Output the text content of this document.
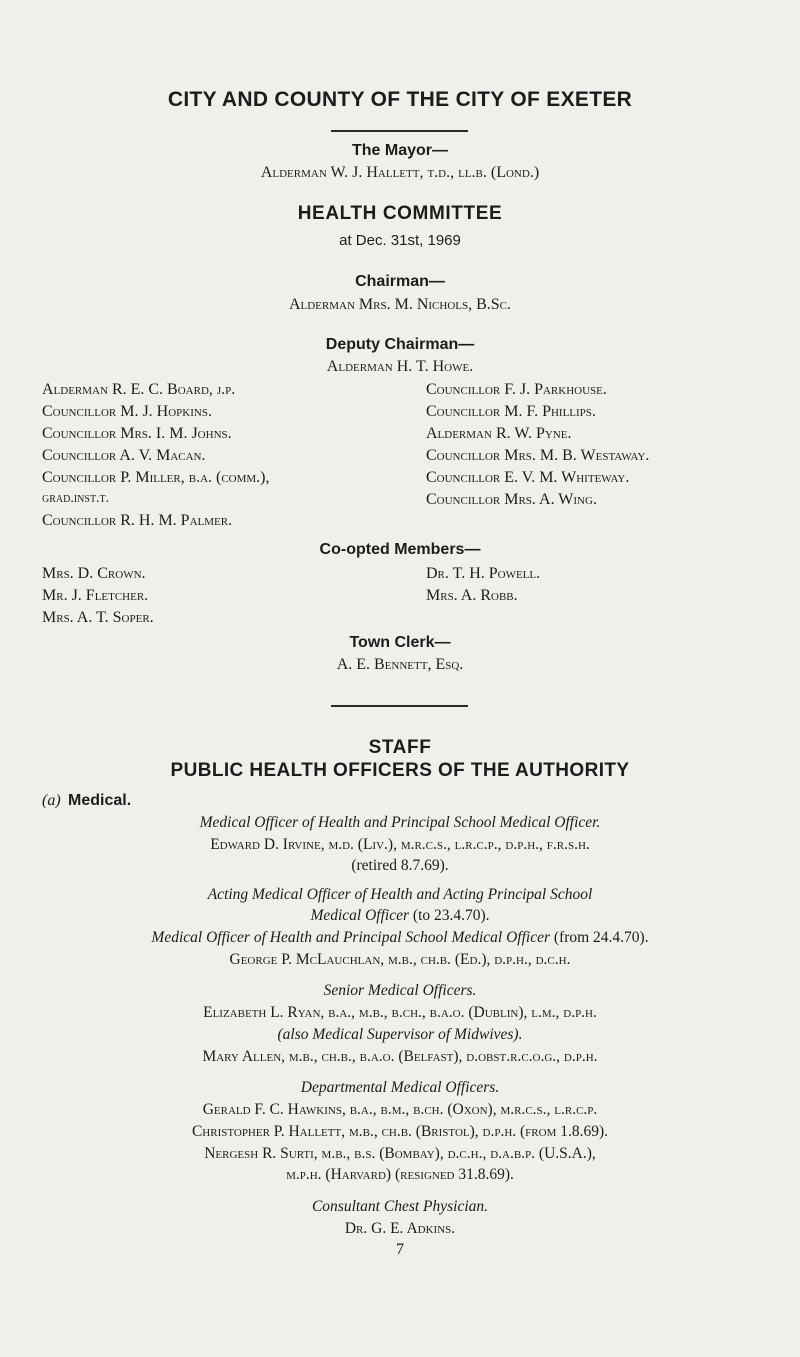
CITY AND COUNTY OF THE CITY OF EXETER
The Mayor—
Alderman W. J. Hallett, t.d., ll.b. (Lond.)
HEALTH COMMITTEE
at Dec. 31st, 1969
Chairman—
Alderman Mrs. M. Nichols, B.Sc.
Deputy Chairman—
Alderman H. T. Howe.
Alderman R. E. C. Board, j.p.
Councillor M. J. Hopkins.
Councillor Mrs. I. M. Johns.
Councillor A. V. Macan.
Councillor P. Miller, b.a. (comm.),
grad.inst.t.
Councillor R. H. M. Palmer.
Councillor F. J. Parkhouse.
Councillor M. F. Phillips.
Alderman R. W. Pyne.
Councillor Mrs. M. B. Westaway.
Councillor E. V. M. Whiteway.
Councillor Mrs. A. Wing.
Co-opted Members—
Mrs. D. Crown.
Mr. J. Fletcher.
Mrs. A. T. Soper.
Dr. T. H. Powell.
Mrs. A. Robb.
Town Clerk—
A. E. Bennett, Esq.
STAFF
PUBLIC HEALTH OFFICERS OF THE AUTHORITY
(a) Medical.
Medical Officer of Health and Principal School Medical Officer.
Edward D. Irvine, m.d. (Liv.), m.r.c.s., l.r.c.p., d.p.h., f.r.s.h.
(retired 8.7.69).
Acting Medical Officer of Health and Acting Principal School
Medical Officer (to 23.4.70).
Medical Officer of Health and Principal School Medical Officer (from 24.4.70).
George P. McLauchlan, m.b., ch.b. (Ed.), d.p.h., d.c.h.
Senior Medical Officers.
Elizabeth L. Ryan, b.a., m.b., b.ch., b.a.o. (Dublin), l.m., d.p.h.
(also Medical Supervisor of Midwives).
Mary Allen, m.b., ch.b., b.a.o. (Belfast), d.obst.r.c.o.g., d.p.h.
Departmental Medical Officers.
Gerald F. C. Hawkins, b.a., b.m., b.ch. (Oxon), m.r.c.s., l.r.c.p.
Christopher P. Hallett, m.b., ch.b. (Bristol), d.p.h. (from 1.8.69).
Nergesh R. Surti, m.b., b.s. (Bombay), d.c.h., d.a.b.p. (U.S.A.),
m.p.h. (Harvard) (resigned 31.8.69).
Consultant Chest Physician.
Dr. G. E. Adkins.
7
